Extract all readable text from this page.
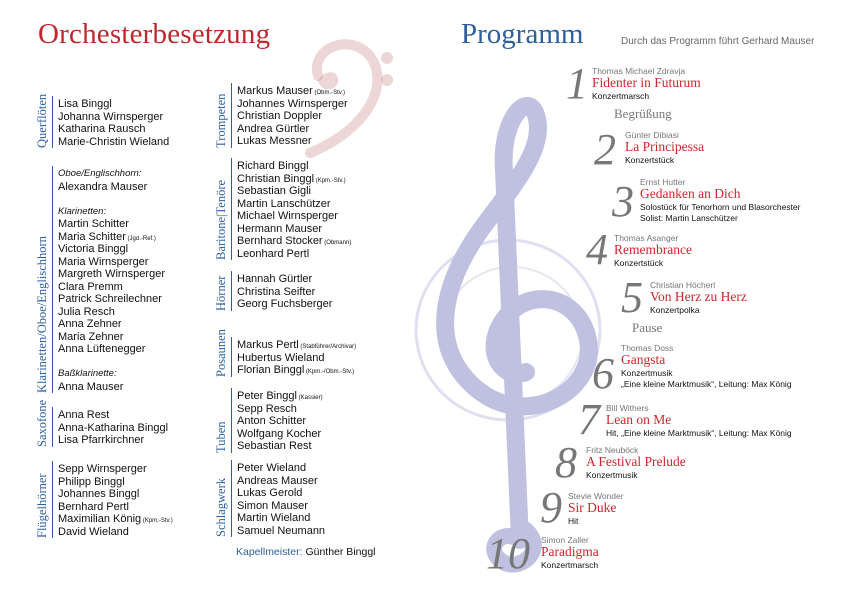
Orchesterbesetzung	Programm	Durch das Programm führt Gerhard Mauser
Querflöten Lisa Binggl
Johanna Wirnsperger
Katharina Rausch
Marie-Christin Wieland
Klarinetten/Oboe/Englischhorn
Oboe/Englischhorn:
Alexandra Mauser
Klarinetten:
Martin Schitter
Maria Schitter (Jgd.-Ref.)
Victoria Binggl
Maria Wirnsperger
Margreth Wirnsperger
Clara Premm
Patrick Schreilechner
Julia Resch
Anna Zehner
Maria Zehner
Anna Lüftenegger
Baßklarinette:
Anna Mauser
Saxofone Anna Rest
Anna-Katharina Binggl
Lisa Pfarrkirchner
Flügelhörner
Sepp Wirnsperger
Philipp Binggl
Johannes Binggl
Bernhard Pertl
Maximilian König (Kpm.-Stv.)
David Wieland
Trompeten
Markus Mauser (Obm.-Stv.)
Johannes Wirnsperger
Christian Doppler
Andrea Gürtler
Lukas Messner
Baritone|Tenöre
Richard Binggl
Christian Binggl (Kpm.-Stv.)
Sebastian Gigli
Martin Lanschützer
Michael Wirnsperger
Hermann Mauser
Bernhard Stocker (Obmann)
Leonhard Pertl
Hörner Hannah Gürtler
Christina Seifter
Georg Fuchsberger
Posaunen Markus Pertl (Stabführer/Archivar)
Hubertus Wieland
Florian Binggl (Kpm.-/Obm.-Stv.)
Tuben
Peter Binggl (Kassier)
Sepp Resch
Anton Schitter
Wolfgang Kocher
Sebastian Rest
Schlagwerk
Peter Wieland
Andreas Mauser
Lukas Gerold
Simon Mauser
Martin Wieland
Samuel Neumann
Kapellmeister: Günther Binggl
1 Thomas Michael Zdravja
Fidenter in Futurum
Konzertmarsch
2 Günter Dibiasi
La Principessa
Konzertstück
3 Ernst Hutter
Gedanken an Dich
Solostück für Tenorhorn und Blasorchester
Solist: Martin Lanschützer
4 Thomas Asanger
Remembrance
Konzertstück
5 Christian Höcherl
Von Herz zu Herz
Konzertpolka
6
Thomas Doss
Gangsta
Konzertmusik
„Eine kleine Marktmusik“, Leitung: Max König
7 Bill Withers
Lean on Me
Hit, „Eine kleine Marktmusik“, Leitung: Max König
8 Fritz Neuböck
A Festival Prelude
Konzertmusik
9 Stevie Wonder
Sir Duke
Hit
10 Simon Zaller
Paradigma
Konzertmarsch
Begrüßung
Pause
